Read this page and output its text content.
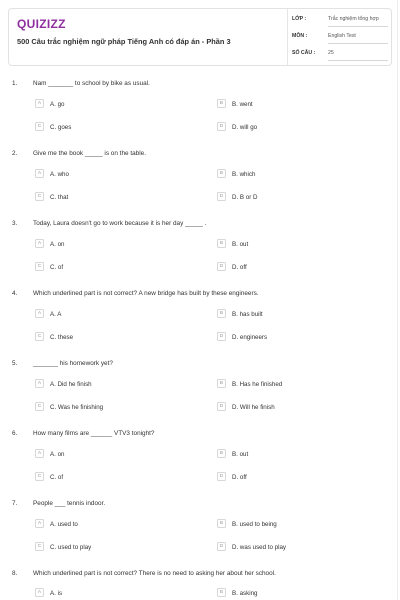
QUIZIZZ
500 Câu trắc nghiệm ngữ pháp Tiếng Anh có đáp án - Phần 3
LỚP :	Trắc nghiệm tổng hợp
MÔN :	English Test
SỐ CÂU : 25
1. Nam _______ to school by bike as usual.
A	A. go	B	B. went
C	C. goes	D	D. will go
2. Give me the book _____ is on the table.
A	A. who	B	B. which
C	C. that	D	D. B or D
3. Today, Laura doesn't go to work because it is her day _____ .
A	A. on	B	B. out
C	C. of	D	D. off
4. Which underlined part is not correct? A new bridge has built by these engineers.
A	A. A	B	B. has built
C	C. these	D	D. engineers
5. _______ his homework yet?
A	A. Did he finish	B	B. Has he finished
C	C. Was he finishing	D	D. Will he finish
6. How many films are ______ VTV3 tonight?
A	A. on	B	B. out
C	C. of	D	D. off
7. People ___ tennis indoor.
A	A. used to	B	B. used to being
C	C. used to play	D	D. was used to play
8. Which underlined part is not correct? There is no need to asking her about her school.
A	A. is	B	B. asking
